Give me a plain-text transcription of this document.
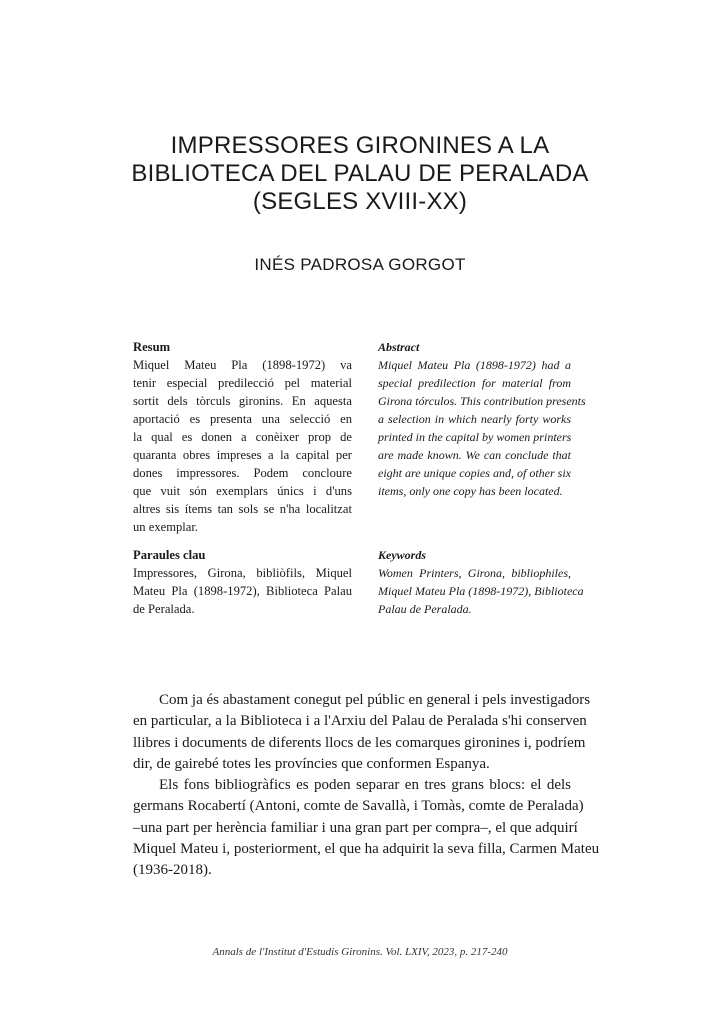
IMPRESSORES GIRONINES A LA
BIBLIOTECA DEL PALAU DE PERALADA
(SEGLES XVIII-XX)
INÉS PADROSA GORGOT
Resum
Miquel Mateu Pla (1898-1972) va
tenir especial predilecció pel material
sortit dels tòrculs gironins. En aquesta
aportació es presenta una selecció en
la qual es donen a conèixer prop de
quaranta obres impreses a la capital per
dones impressores. Podem concloure
que vuit són exemplars únics i d'uns
altres sis ítems tan sols se n'ha localitzat
un exemplar.
Abstract
Miquel Mateu Pla (1898-1972) had a
special predilection for material from
Girona tórculos. This contribution presents
a selection in which nearly forty works
printed in the capital by women printers
are made known. We can conclude that
eight are unique copies and, of other six
items, only one copy has been located.
Paraules clau
Impressores, Girona, bibliòfils, Miquel
Mateu Pla (1898-1972), Biblioteca Palau
de Peralada.
Keywords
Women Printers, Girona, bibliophiles,
Miquel Mateu Pla (1898-1972), Biblioteca
Palau de Peralada.
Com ja és abastament conegut pel públic en general i pels investigadors
en particular, a la Biblioteca i a l'Arxiu del Palau de Peralada s'hi conserven
llibres i documents de diferents llocs de les comarques gironines i, podríem
dir, de gairebé totes les províncies que conformen Espanya.
Els fons bibliogràfics es poden separar en tres grans blocs: el dels
germans Rocabertí (Antoni, comte de Savallà, i Tomàs, comte de Peralada)
–una part per herència familiar i una gran part per compra–, el que adquirí
Miquel Mateu i, posteriorment, el que ha adquirit la seva filla, Carmen Mateu
(1936-2018).
Annals de l'Institut d'Estudis Gironins. Vol. LXIV, 2023, p. 217-240
